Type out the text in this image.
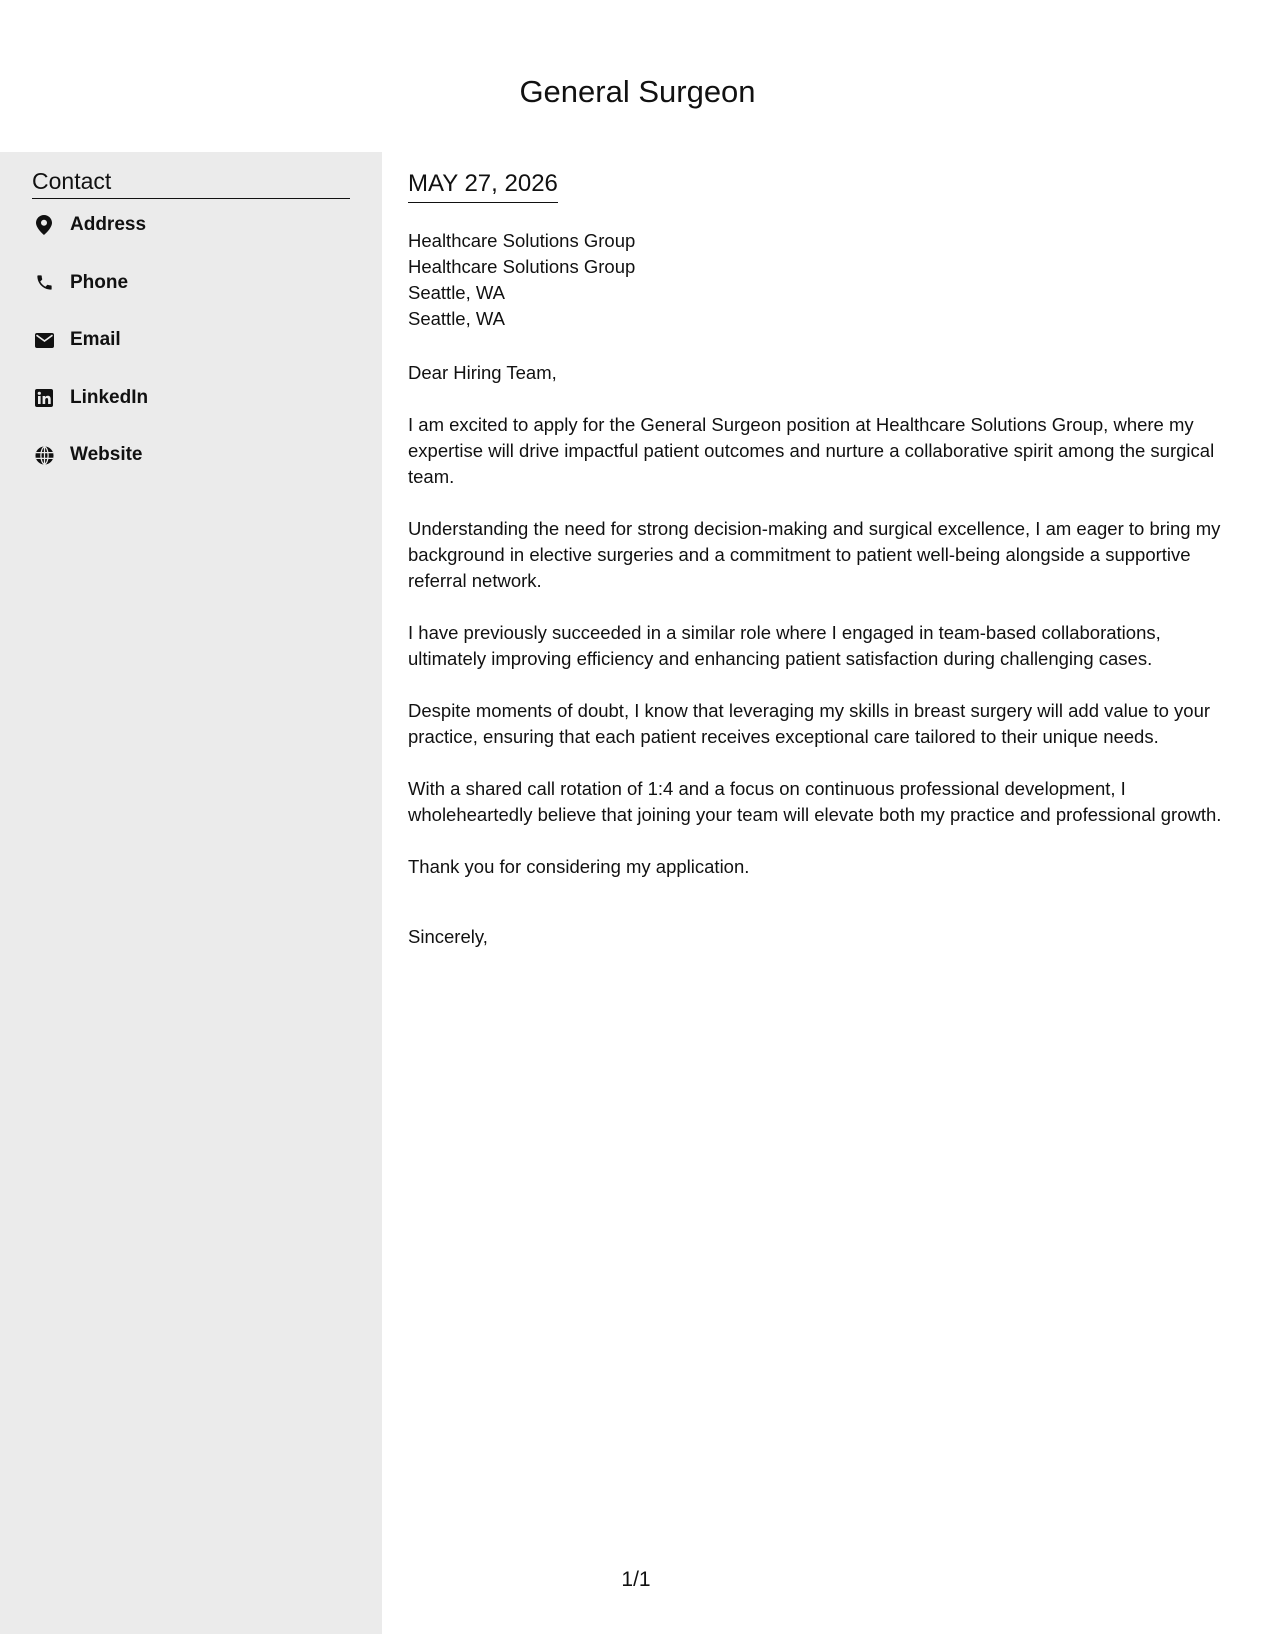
General Surgeon
Contact
Address
Phone
Email
LinkedIn
Website
MAY 27, 2026
Healthcare Solutions Group
Healthcare Solutions Group
Seattle, WA
Seattle, WA
Dear Hiring Team,

I am excited to apply for the General Surgeon position at Healthcare Solutions Group, where my expertise will drive impactful patient outcomes and nurture a collaborative spirit among the surgical team.

Understanding the need for strong decision-making and surgical excellence, I am eager to bring my background in elective surgeries and a commitment to patient well-being alongside a supportive referral network.

I have previously succeeded in a similar role where I engaged in team-based collaborations, ultimately improving efficiency and enhancing patient satisfaction during challenging cases.

Despite moments of doubt, I know that leveraging my skills in breast surgery will add value to your practice, ensuring that each patient receives exceptional care tailored to their unique needs.

With a shared call rotation of 1:4 and a focus on continuous professional development, I wholeheartedly believe that joining your team will elevate both my practice and professional growth.

Thank you for considering my application.

Sincerely,
1/1
